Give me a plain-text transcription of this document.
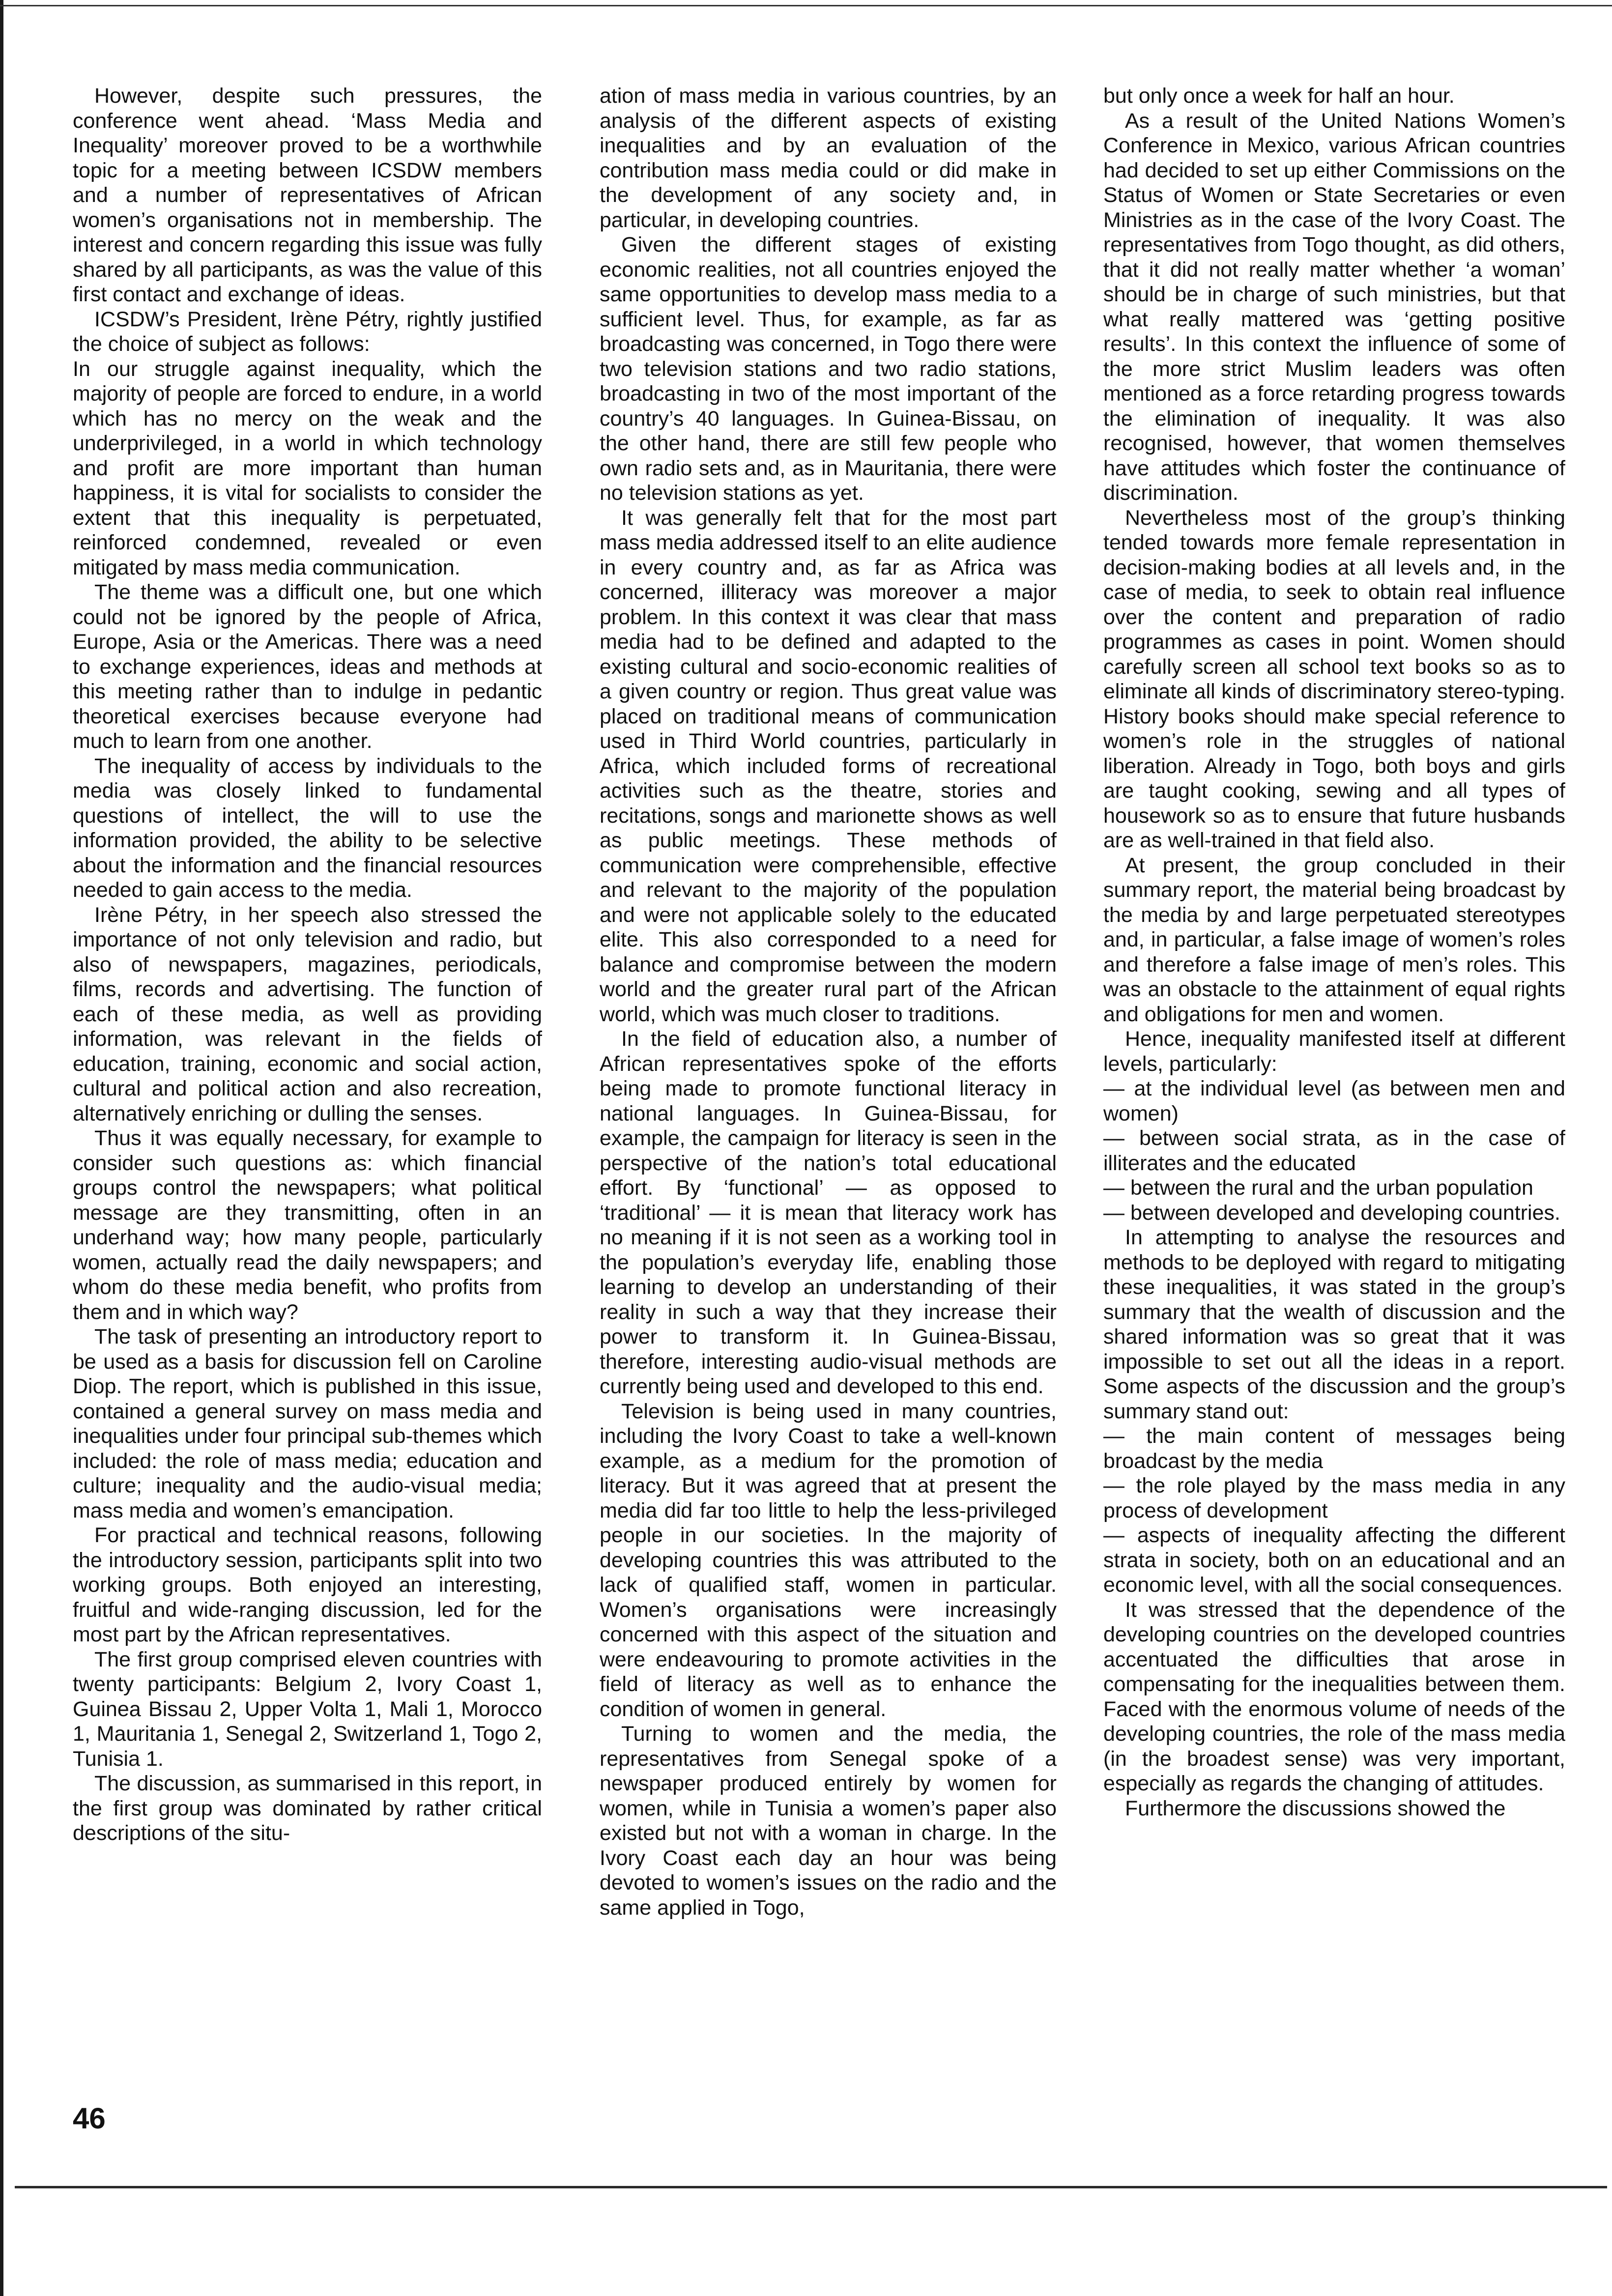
However, despite such pressures, the conference went ahead. ‘Mass Media and Inequality’ moreover proved to be a worthwhile topic for a meeting between ICSDW members and a number of representatives of African women’s organisations not in membership. The interest and concern regarding this issue was fully shared by all participants, as was the value of this first contact and exchange of ideas.

ICSDW’s President, Irène Pétry, rightly justified the choice of subject as follows:

In our struggle against inequality, which the majority of people are forced to endure, in a world which has no mercy on the weak and the underprivileged, in a world in which technology and profit are more important than human happiness, it is vital for socialists to consider the extent that this inequality is perpetuated, reinforced condemned, revealed or even mitigated by mass media communication.

The theme was a difficult one, but one which could not be ignored by the people of Africa, Europe, Asia or the Americas. There was a need to exchange experiences, ideas and methods at this meeting rather than to indulge in pedantic theoretical exercises because everyone had much to learn from one another.

The inequality of access by individuals to the media was closely linked to fundamental questions of intellect, the will to use the information provided, the ability to be selective about the information and the financial resources needed to gain access to the media.

Irène Pétry, in her speech also stressed the importance of not only television and radio, but also of newspapers, magazines, periodicals, films, records and advertising. The function of each of these media, as well as providing information, was relevant in the fields of education, training, economic and social action, cultural and political action and also recreation, alternatively enriching or dulling the senses.

Thus it was equally necessary, for example to consider such questions as: which financial groups control the newspapers; what political message are they transmitting, often in an underhand way; how many people, particularly women, actually read the daily newspapers; and whom do these media benefit, who profits from them and in which way?

The task of presenting an introductory report to be used as a basis for discussion fell on Caroline Diop. The report, which is published in this issue, contained a general survey on mass media and inequalities under four principal sub-themes which included: the role of mass media; education and culture; inequality and the audio-visual media; mass media and women’s emancipation.

For practical and technical reasons, following the introductory session, participants split into two working groups. Both enjoyed an interesting, fruitful and wide-ranging discussion, led for the most part by the African representatives.

The first group comprised eleven countries with twenty participants: Belgium 2, Ivory Coast 1, Guinea Bissau 2, Upper Volta 1, Mali 1, Morocco 1, Mauritania 1, Senegal 2, Switzerland 1, Togo 2, Tunisia 1.

The discussion, as summarised in this report, in the first group was dominated by rather critical descriptions of the situ-

ation of mass media in various countries, by an analysis of the different aspects of existing inequalities and by an evaluation of the contribution mass media could or did make in the development of any society and, in particular, in developing countries.

Given the different stages of existing economic realities, not all countries enjoyed the same opportunities to develop mass media to a sufficient level. Thus, for example, as far as broadcasting was concerned, in Togo there were two television stations and two radio stations, broadcasting in two of the most important of the country’s 40 languages. In Guinea-Bissau, on the other hand, there are still few people who own radio sets and, as in Mauritania, there were no television stations as yet.

It was generally felt that for the most part mass media addressed itself to an elite audience in every country and, as far as Africa was concerned, illiteracy was moreover a major problem. In this context it was clear that mass media had to be defined and adapted to the existing cultural and socio-economic realities of a given country or region. Thus great value was placed on traditional means of communication used in Third World countries, particularly in Africa, which included forms of recreational activities such as the theatre, stories and recitations, songs and marionette shows as well as public meetings. These methods of communication were comprehensible, effective and relevant to the majority of the population and were not applicable solely to the educated elite. This also corresponded to a need for balance and compromise between the modern world and the greater rural part of the African world, which was much closer to traditions.

In the field of education also, a number of African representatives spoke of the efforts being made to promote functional literacy in national languages. In Guinea-Bissau, for example, the campaign for literacy is seen in the perspective of the nation’s total educational effort. By ‘functional’ — as opposed to ‘traditional’ — it is mean that literacy work has no meaning if it is not seen as a working tool in the population’s everyday life, enabling those learning to develop an understanding of their reality in such a way that they increase their power to transform it. In Guinea-Bissau, therefore, interesting audio-visual methods are currently being used and developed to this end.

Television is being used in many countries, including the Ivory Coast to take a well-known example, as a medium for the promotion of literacy. But it was agreed that at present the media did far too little to help the less-privileged people in our societies. In the majority of developing countries this was attributed to the lack of qualified staff, women in particular. Women’s organisations were increasingly concerned with this aspect of the situation and were endeavouring to promote activities in the field of literacy as well as to enhance the condition of women in general.

Turning to women and the media, the representatives from Senegal spoke of a newspaper produced entirely by women for women, while in Tunisia a women’s paper also existed but not with a woman in charge. In the Ivory Coast each day an hour was being devoted to women’s issues on the radio and the same applied in Togo,

but only once a week for half an hour.

As a result of the United Nations Women’s Conference in Mexico, various African countries had decided to set up either Commissions on the Status of Women or State Secretaries or even Ministries as in the case of the Ivory Coast. The representatives from Togo thought, as did others, that it did not really matter whether ‘a woman’ should be in charge of such ministries, but that what really mattered was ‘getting positive results’. In this context the influence of some of the more strict Muslim leaders was often mentioned as a force retarding progress towards the elimination of inequality. It was also recognised, however, that women themselves have attitudes which foster the continuance of discrimination.

Nevertheless most of the group’s thinking tended towards more female representation in decision-making bodies at all levels and, in the case of media, to seek to obtain real influence over the content and preparation of radio programmes as cases in point. Women should carefully screen all school text books so as to eliminate all kinds of discriminatory stereo-typing. History books should make special reference to women’s role in the struggles of national liberation. Already in Togo, both boys and girls are taught cooking, sewing and all types of housework so as to ensure that future husbands are as well-trained in that field also.

At present, the group concluded in their summary report, the material being broadcast by the media by and large perpetuated stereotypes and, in particular, a false image of women’s roles and therefore a false image of men’s roles. This was an obstacle to the attainment of equal rights and obligations for men and women.

Hence, inequality manifested itself at different levels, particularly:

— at the individual level (as between men and women)

— between social strata, as in the case of illiterates and the educated

— between the rural and the urban population

— between developed and developing countries.

In attempting to analyse the resources and methods to be deployed with regard to mitigating these inequalities, it was stated in the group’s summary that the wealth of discussion and the shared information was so great that it was impossible to set out all the ideas in a report. Some aspects of the discussion and the group’s summary stand out:

— the main content of messages being broadcast by the media

— the role played by the mass media in any process of development

— aspects of inequality affecting the different strata in society, both on an educational and an economic level, with all the social consequences.

It was stressed that the dependence of the developing countries on the developed countries accentuated the difficulties that arose in compensating for the inequalities between them. Faced with the enormous volume of needs of the developing countries, the role of the mass media (in the broadest sense) was very important, especially as regards the changing of attitudes.

Furthermore the discussions showed the

46
